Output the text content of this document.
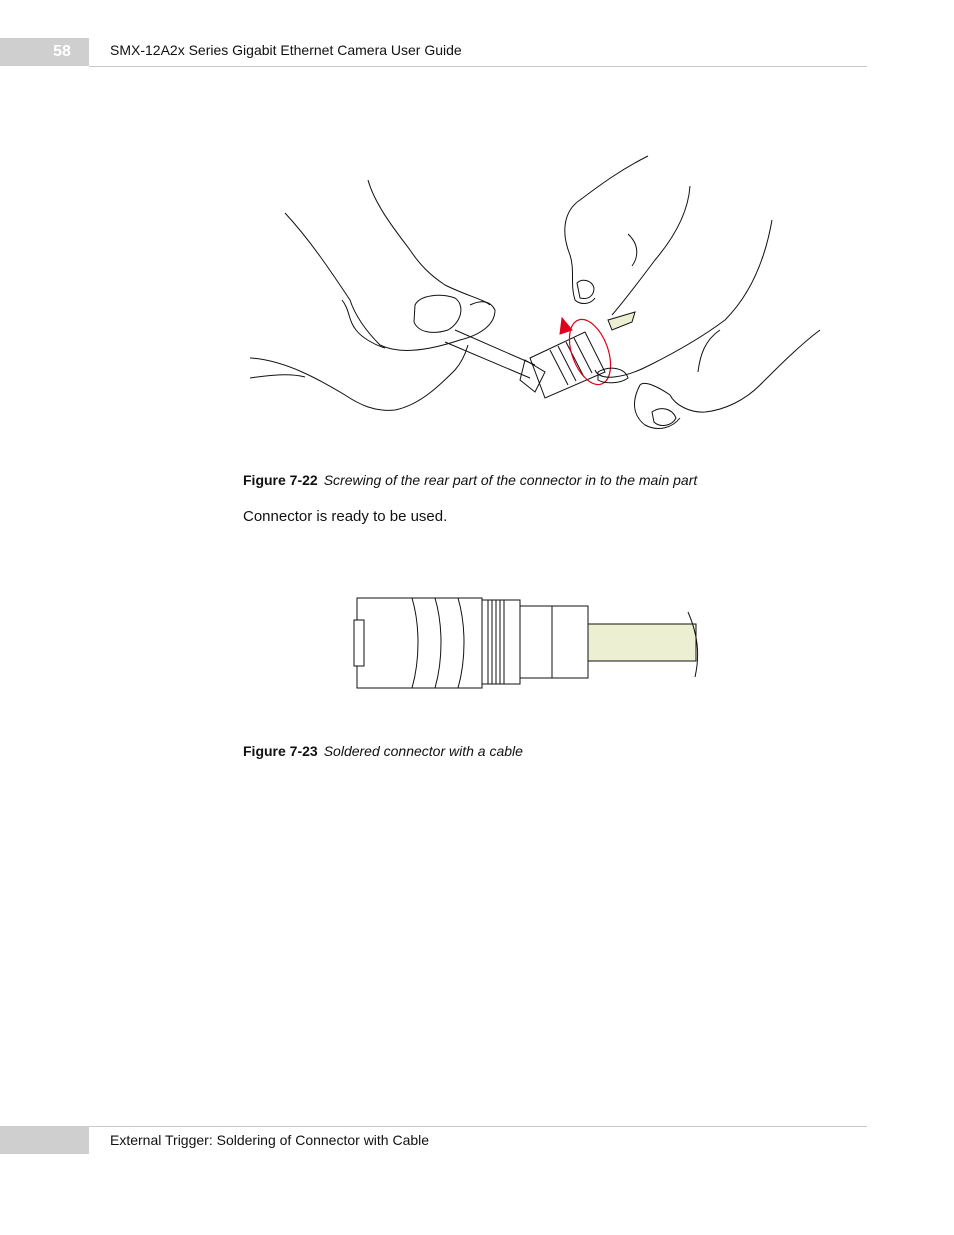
58	SMX-12A2x Series Gigabit Ethernet Camera User Guide
Figure 7-22 Screwing of the rear part of the connector in to the main part
Connector is ready to be used.
Figure 7-23 Soldered connector with a cable
External Trigger: Soldering of Connector with Cable
